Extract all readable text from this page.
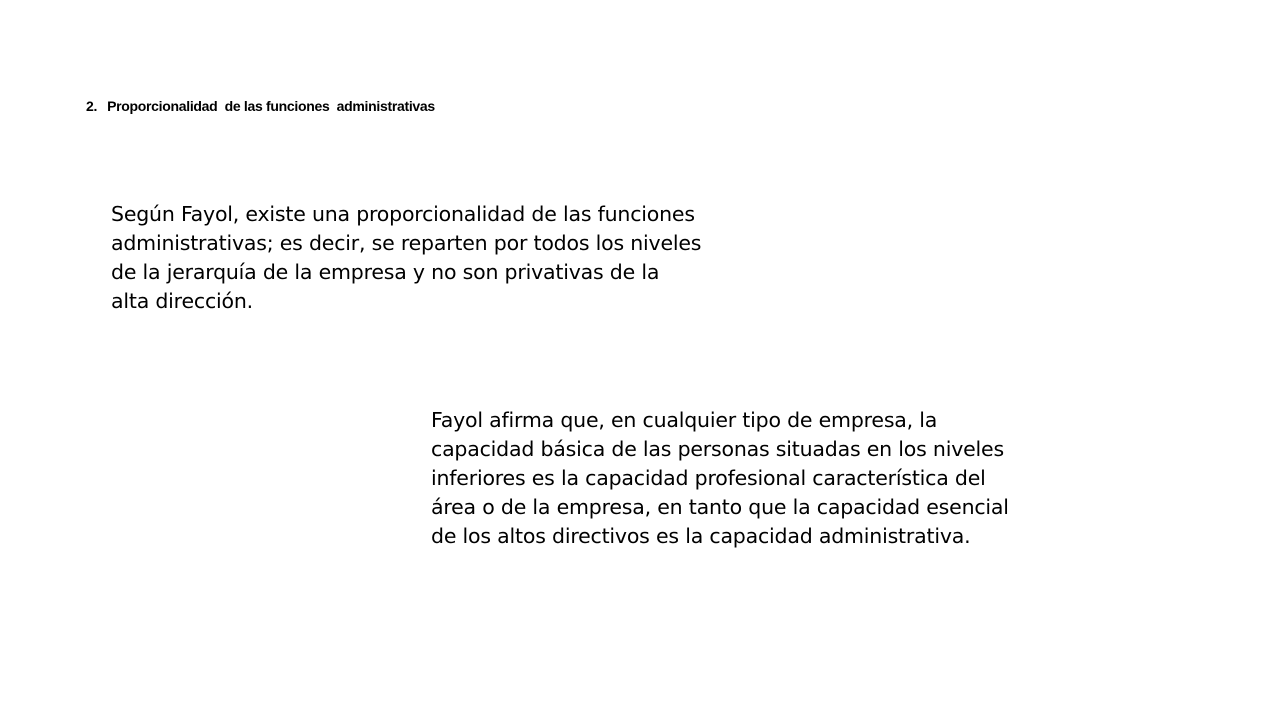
2. Proporcionalidad  de las funciones  administrativas
Según Fayol, existe una proporcionalidad de las funciones
administrativas; es decir, se reparten por todos los niveles
de la jerarquía de la empresa y no son privativas de la
alta dirección.
Fayol afirma que, en cualquier tipo de empresa, la
capacidad básica de las personas situadas en los niveles
inferiores es la capacidad profesional característica del
área o de la empresa, en tanto que la capacidad esencial
de los altos directivos es la capacidad administrativa.
